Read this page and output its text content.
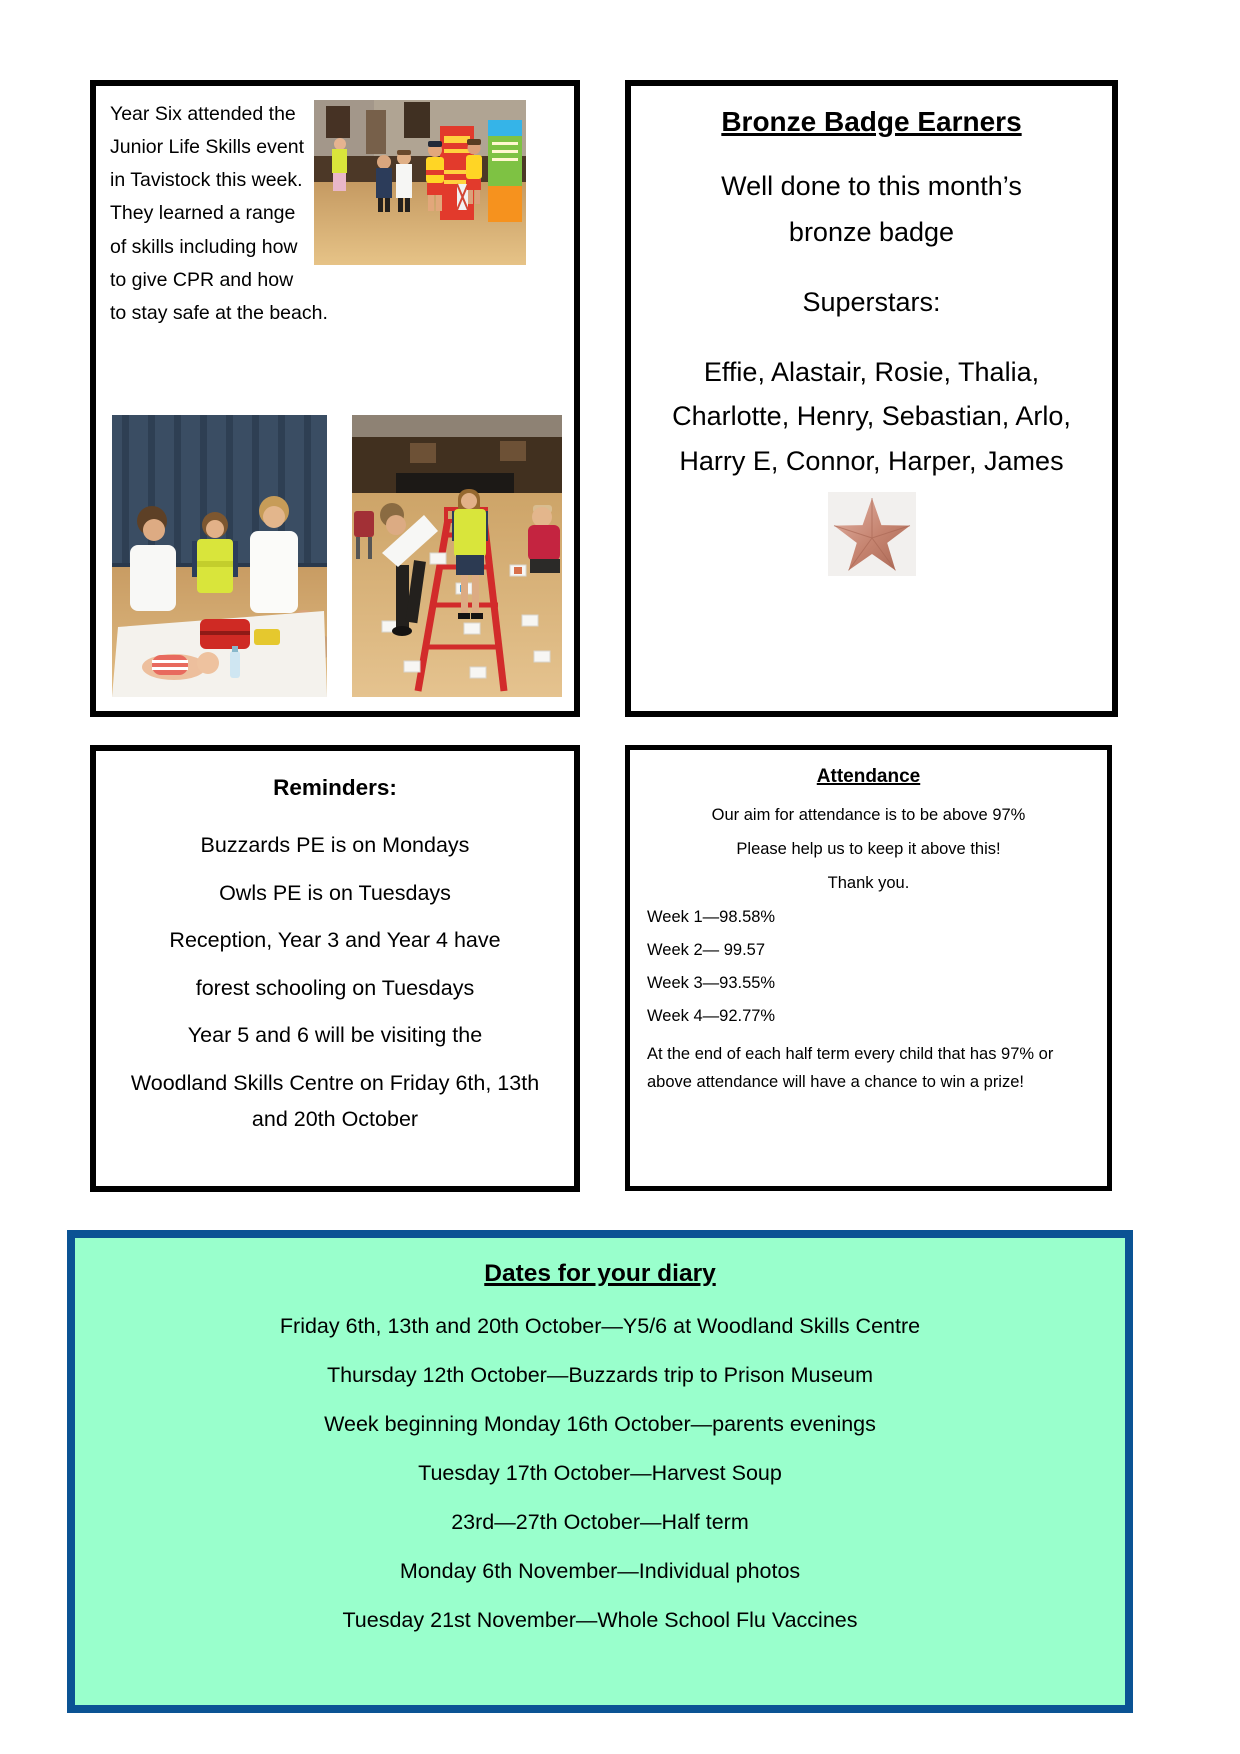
Year Six attended the Junior Life Skills event in Tavistock this week. They learned a range of skills including how to give CPR and how to stay safe at the beach.

Bronze Badge Earners

Well done to this month’s bronze badge

Superstars:

Effie, Alastair, Rosie, Thalia, Charlotte, Henry, Sebastian, Arlo, Harry E, Connor, Harper, James

Reminders:

Buzzards PE is on Mondays

Owls PE is on Tuesdays

Reception, Year 3 and Year 4 have

forest schooling on Tuesdays

Year 5 and 6 will be visiting the

Woodland Skills Centre on Friday 6th, 13th and 20th October

Attendance

Our aim for attendance is to be above 97%

Please help us to keep it above this!

Thank you.

Week 1—98.58%

Week 2— 99.57

Week 3—93.55%

Week 4—92.77%

At the end of each half term every child that has 97% or above attendance will have a chance to win a prize!

Dates for your diary

Friday 6th, 13th and 20th October—Y5/6 at Woodland Skills Centre

Thursday 12th October—Buzzards trip to Prison Museum

Week beginning Monday 16th October—parents evenings

Tuesday 17th October—Harvest Soup

23rd—27th October—Half term

Monday 6th November—Individual photos

Tuesday 21st November—Whole School Flu Vaccines
